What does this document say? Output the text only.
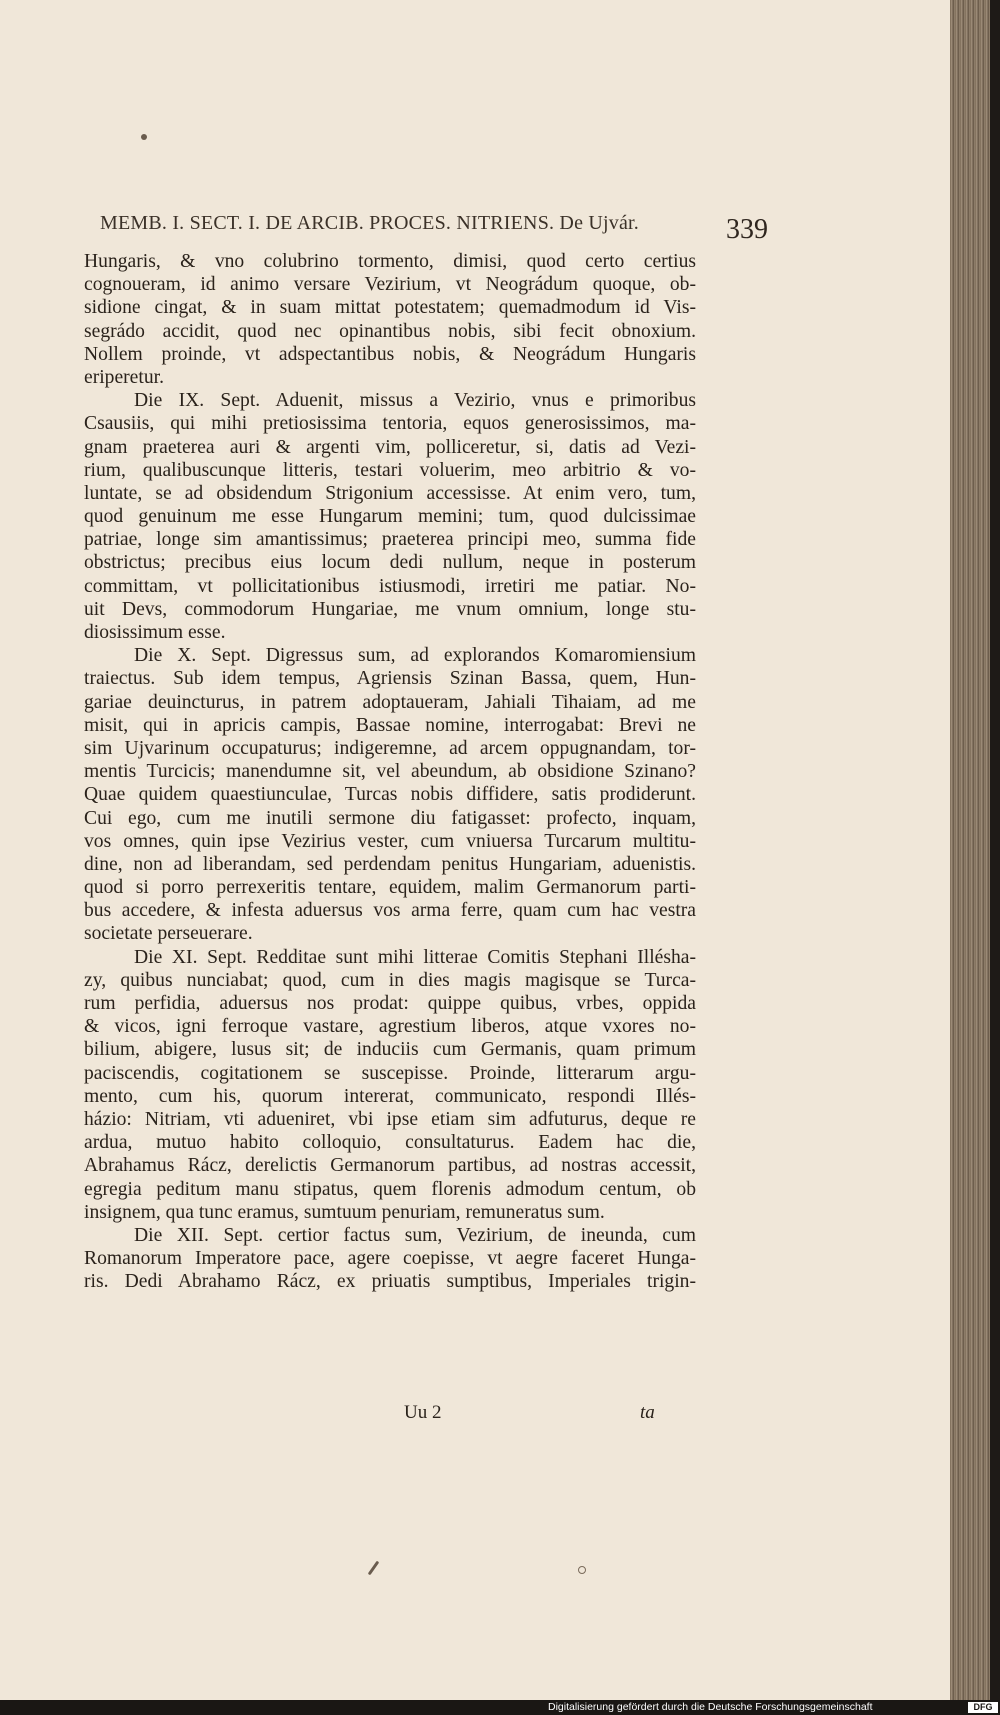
MEMB. I. SECT. I. DE ARCIB. PROCES. NITRIENS. De Ujvár.	339
Hungaris, & vno colubrino tormento, dimisi, quod certo certius
cognoueram, id animo versare Vezirium, vt Neográdum quoque, ob-
sidione cingat, & in suam mittat potestatem; quemadmodum id Vis-
segrádo accidit, quod nec opinantibus nobis, sibi fecit obnoxium.
Nollem proinde, vt adspectantibus nobis, & Neográdum Hungaris
eriperetur.
Die IX. Sept. Aduenit, missus a Vezirio, vnus e primoribus
Csausiis, qui mihi pretiosissima tentoria, equos generosissimos, ma-
gnam praeterea auri & argenti vim, polliceretur, si, datis ad Vezi-
rium, qualibuscunque litteris, testari voluerim, meo arbitrio & vo-
luntate, se ad obsidendum Strigonium accessisse. At enim vero, tum,
quod genuinum me esse Hungarum memini; tum, quod dulcissimae
patriae, longe sim amantissimus; praeterea principi meo, summa fide
obstrictus; precibus eius locum dedi nullum, neque in posterum
committam, vt pollicitationibus istiusmodi, irretiri me patiar. No-
uit Devs, commodorum Hungariae, me vnum omnium, longe stu-
diosissimum esse.
Die X. Sept. Digressus sum, ad explorandos Komaromiensium
traiectus. Sub idem tempus, Agriensis Szinan Bassa, quem, Hun-
gariae deuincturus, in patrem adoptaueram, Jahiali Tihaiam, ad me
misit, qui in apricis campis, Bassae nomine, interrogabat: Brevi ne
sim Ujvarinum occupaturus; indigeremne, ad arcem oppugnandam, tor-
mentis Turcicis; manendumne sit, vel abeundum, ab obsidione Szinano?
Quae quidem quaestiunculae, Turcas nobis diffidere, satis prodiderunt.
Cui ego, cum me inutili sermone diu fatigasset: profecto, inquam,
vos omnes, quin ipse Vezirius vester, cum vniuersa Turcarum multitu-
dine, non ad liberandam, sed perdendam penitus Hungariam, aduenistis.
quod si porro perrexeritis tentare, equidem, malim Germanorum parti-
bus accedere, & infesta aduersus vos arma ferre, quam cum hac vestra
societate perseuerare.
Die XI. Sept. Redditae sunt mihi litterae Comitis Stephani Illésha-
zy, quibus nunciabat; quod, cum in dies magis magisque se Turca-
rum perfidia, aduersus nos prodat: quippe quibus, vrbes, oppida
& vicos, igni ferroque vastare, agrestium liberos, atque vxores no-
bilium, abigere, lusus sit; de induciis cum Germanis, quam primum
paciscendis, cogitationem se suscepisse. Proinde, litterarum argu-
mento, cum his, quorum intererat, communicato, respondi Illés-
házio: Nitriam, vti adueniret, vbi ipse etiam sim adfuturus, deque re
ardua, mutuo habito colloquio, consultaturus. Eadem hac die,
Abrahamus Rácz, derelictis Germanorum partibus, ad nostras accessit,
egregia peditum manu stipatus, quem florenis admodum centum, ob
insignem, qua tunc eramus, sumtuum penuriam, remuneratus sum.
Die XII. Sept. certior factus sum, Vezirium, de ineunda, cum
Romanorum Imperatore pace, agere coepisse, vt aegre faceret Hunga-
ris. Dedi Abrahamo Rácz, ex priuatis sumptibus, Imperiales trigin-
Uu 2	ta
Digitalisierung gefördert durch die Deutsche Forschungsgemeinschaft	DFG
